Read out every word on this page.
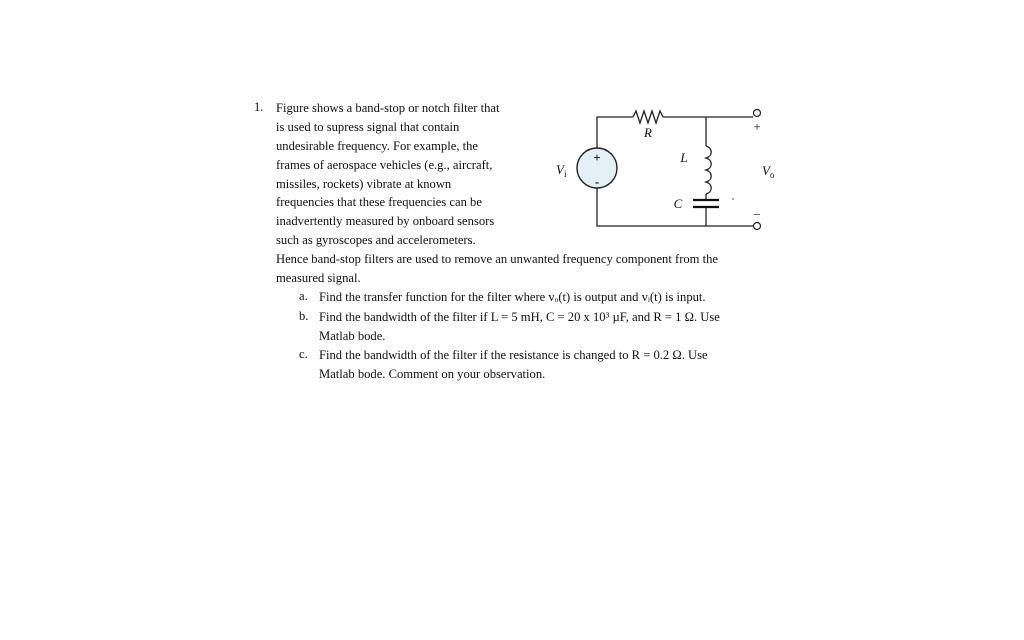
1. Figure shows a band-stop or notch filter that
is used to supress signal that contain
undesirable frequency. For example, the
frames of aerospace vehicles (e.g., aircraft,
missiles, rockets) vibrate at known
frequencies that these frequencies can be
inadvertently measured by onboard sensors
such as gyroscopes and accelerometers.
Hence band-stop filters are used to remove an unwanted frequency component from the
measured signal.
a. Find the transfer function for the filter where vₒ(t) is output and vᵢ(t) is input.
b. Find the bandwidth of the filter if L = 5 mH, C = 20 x 10³ µF, and R = 1 Ω. Use
Matlab bode.
c. Find the bandwidth of the filter if the resistance is changed to R = 0.2 Ω. Use
Matlab bode. Comment on your observation.
+
-
+
−
R
L
C
$V_i$	$V_o$
